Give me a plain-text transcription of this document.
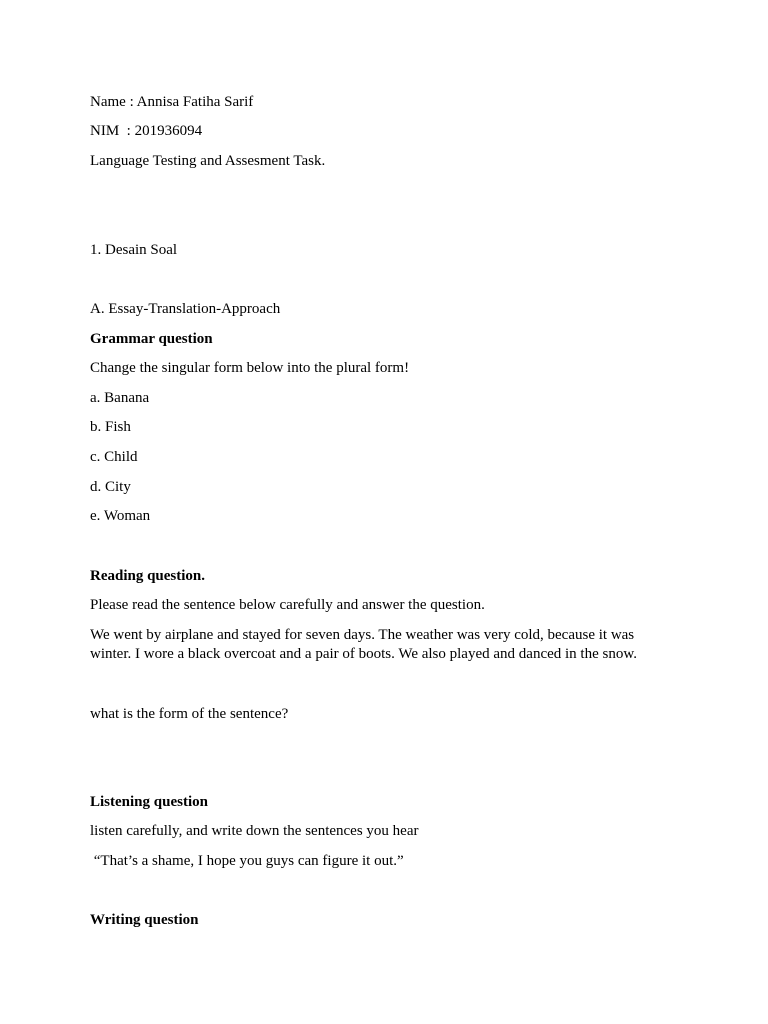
Name : Annisa Fatiha Sarif

NIM  : 201936094

Language Testing and Assesment Task.

1. Desain Soal

A. Essay-Translation-Approach

Grammar question

Change the singular form below into the plural form!

a. Banana

b. Fish

c. Child

d. City

e. Woman

Reading question.

Please read the sentence below carefully and answer the question.

We went by airplane and stayed for seven days. The weather was very cold, because it was

winter. I wore a black overcoat and a pair of boots. We also played and danced in the snow.

what is the form of the sentence?

Listening question

listen carefully, and write down the sentences you hear

“That’s a shame, I hope you guys can figure it out.”

Writing question
